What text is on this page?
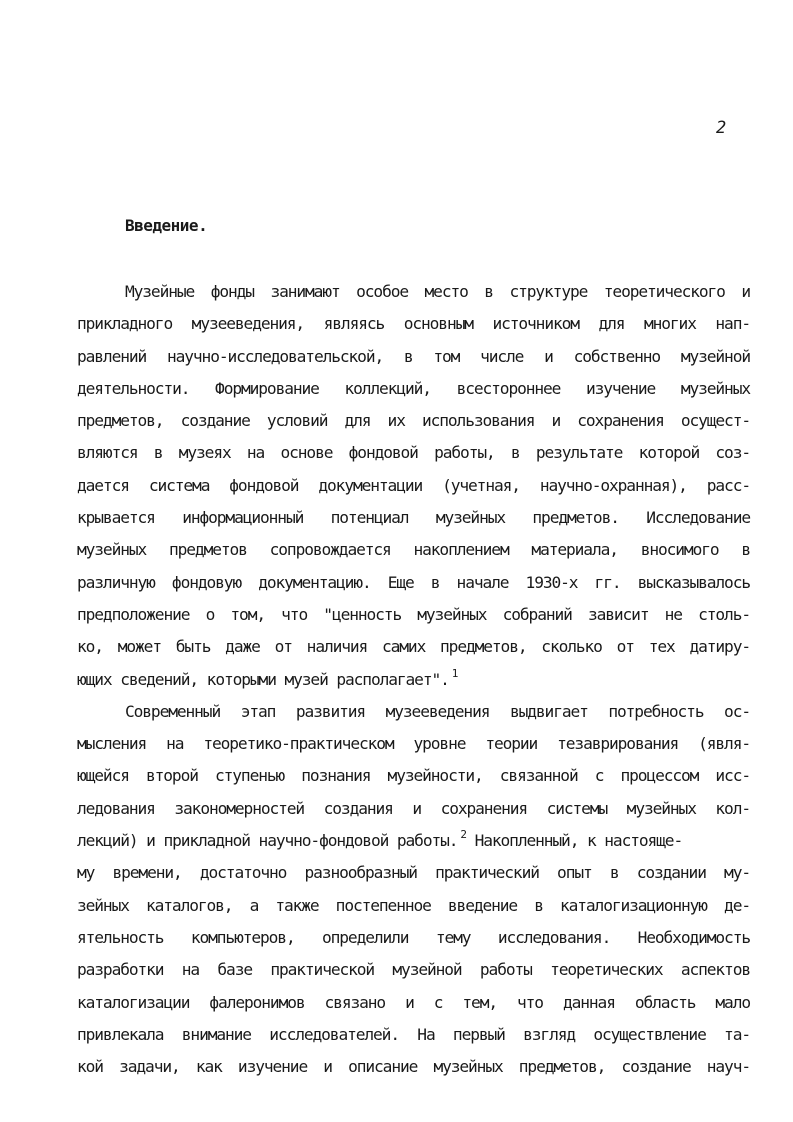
2
Введение.
Музейные фонды занимают особое место в структуре теоретического и
прикладного музееведения, являясь основным источником для многих нап-
равлений научно-исследовательской, в том числе и собственно музейной
деятельности. Формирование коллекций, всестороннее изучение музейных
предметов, создание условий для их использования и сохранения осущест-
вляются в музеях на основе фондовой работы, в результате которой соз-
дается система фондовой документации (учетная, научно-охранная), расс-
крывается информационный потенциал музейных предметов. Исследование
музейных предметов сопровождается накоплением материала, вносимого в
различную фондовую документацию. Еще в начале 1930-х гг. высказывалось
предположение о том, что "ценность музейных собраний зависит не столь-
ко, может быть даже от наличия самих предметов, сколько от тех датиру-
ющих сведений, которыми музей располагает". $^1$
Современный этап развития музееведения выдвигает потребность ос-
мысления на теоретико-практическом уровне теории тезаврирования (явля-
ющейся второй ступенью познания музейности, связанной с процессом исс-
ледования закономерностей создания и сохранения системы музейных кол-
лекций) и прикладной научно-фондовой работы. $^2$ Накопленный, к настояще-
му времени, достаточно разнообразный практический опыт в создании му-
зейных каталогов, а также постепенное введение в каталогизационную де-
ятельность компьютеров, определили тему исследования. Необходимость
разработки на базе практической музейной работы теоретических аспектов
каталогизации фалеронимов связано и с тем, что данная область мало
привлекала внимание исследователей. На первый взгляд осуществление та-
кой задачи, как изучение и описание музейных предметов, создание науч-
